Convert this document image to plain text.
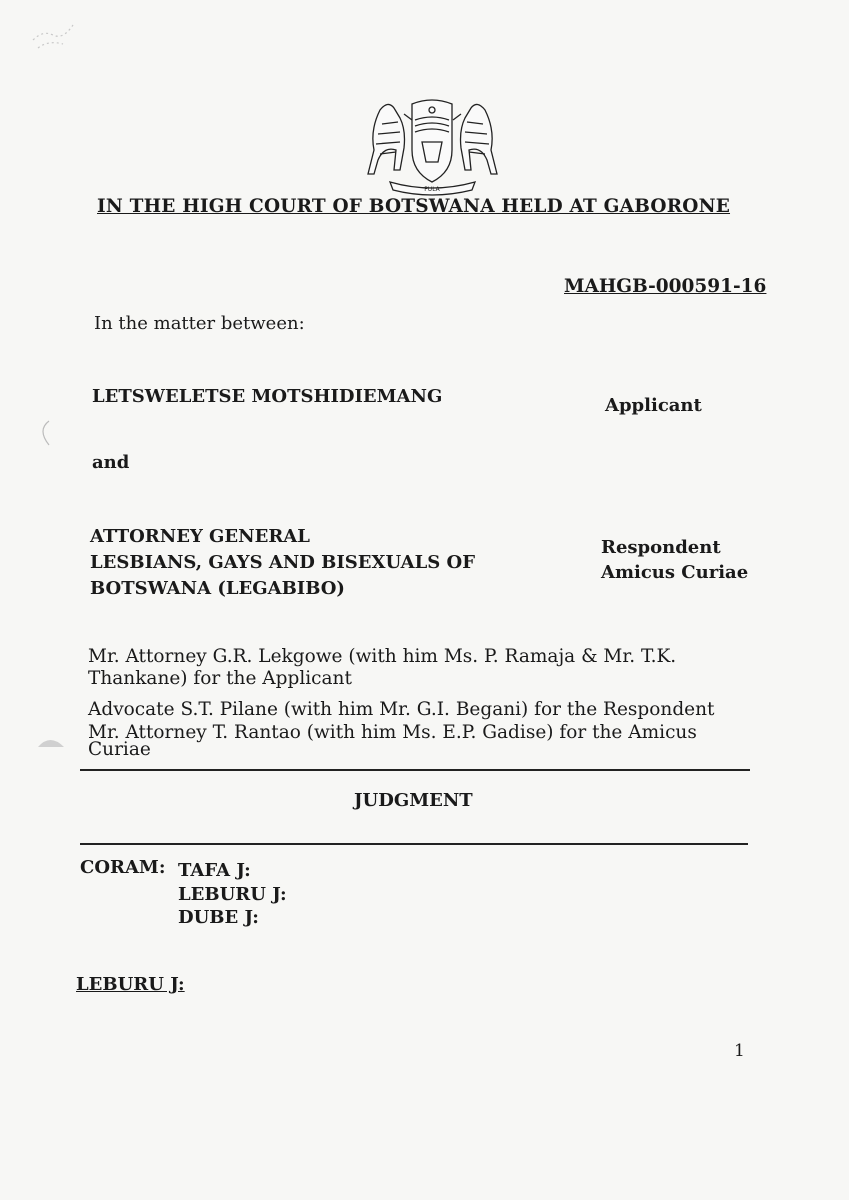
PULA
IN THE HIGH COURT OF BOTSWANA HELD AT GABORONE
MAHGB-000591-16
In the matter between:
LETSWELETSE MOTSHIDIEMANG	Applicant
and
ATTORNEY GENERAL
LESBIANS, GAYS AND BISEXUALS OF
BOTSWANA (LEGABIBO)
Respondent
Amicus Curiae
Mr. Attorney G.R. Lekgowe (with him Ms. P. Ramaja & Mr. T.K.
Thankane) for the Applicant
Advocate S.T. Pilane (with him Mr. G.I. Begani) for the Respondent
Mr. Attorney T. Rantao (with him Ms. E.P. Gadise) for the Amicus
Curiae
JUDGMENT
CORAM: TAFA J:
LEBURU J:
DUBE J:
LEBURU J:
1
